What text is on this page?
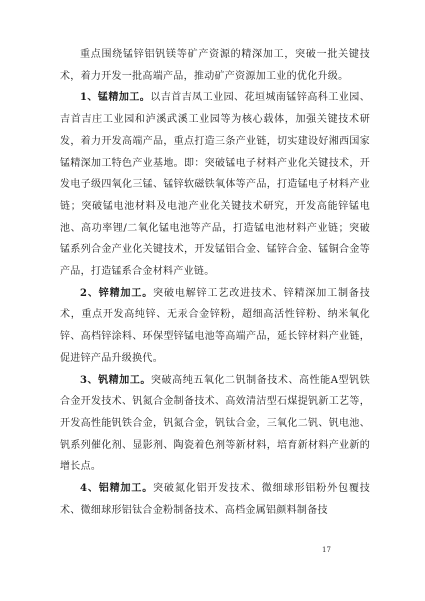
重点围绕锰锌铝钒镁等矿产资源的精深加工，突破一批关键技术，着力开发一批高端产品，推动矿产资源加工业的优化升级。

1、锰精加工。以吉首吉凤工业园、花垣城南锰锌高科工业园、吉首吉庄工业园和泸溪武溪工业园等为核心载体，加强关键技术研发，着力开发高端产品，重点打造三条产业链，切实建设好湘西国家锰精深加工特色产业基地。即：突破锰电子材料产业化关键技术，开发电子级四氧化三锰、锰锌软磁铁氧体等产品，打造锰电子材料产业链；突破锰电池材料及电池产业化关键技术研究，开发高能锌锰电池、高功率锂/二氧化锰电池等产品，打造锰电池材料产业链；突破锰系列合金产业化关键技术，开发锰铝合金、锰锌合金、锰铜合金等产品，打造锰系合金材料产业链。

2、锌精加工。突破电解锌工艺改进技术、锌精深加工制备技术，重点开发高纯锌、无汞合金锌粉，超细高活性锌粉、纳米氧化锌、高档锌涂料、环保型锌锰电池等高端产品，延长锌材料产业链，促进锌产品升级换代。

3、钒精加工。突破高纯五氧化二钒制备技术、高性能A型钒铁合金开发技术、钒氮合金制备技术、高效清洁型石煤提钒新工艺等，开发高性能钒铁合金，钒氮合金，钒钛合金，三氧化二钒、钒电池、钒系列催化剂、显影剂、陶瓷着色剂等新材料，培育新材料产业新的增长点。

4、铝精加工。突破氮化铝开发技术、微细球形铝粉外包覆技术、微细球形铝钛合金粉制备技术、高档金属铝颜料制备技

17
